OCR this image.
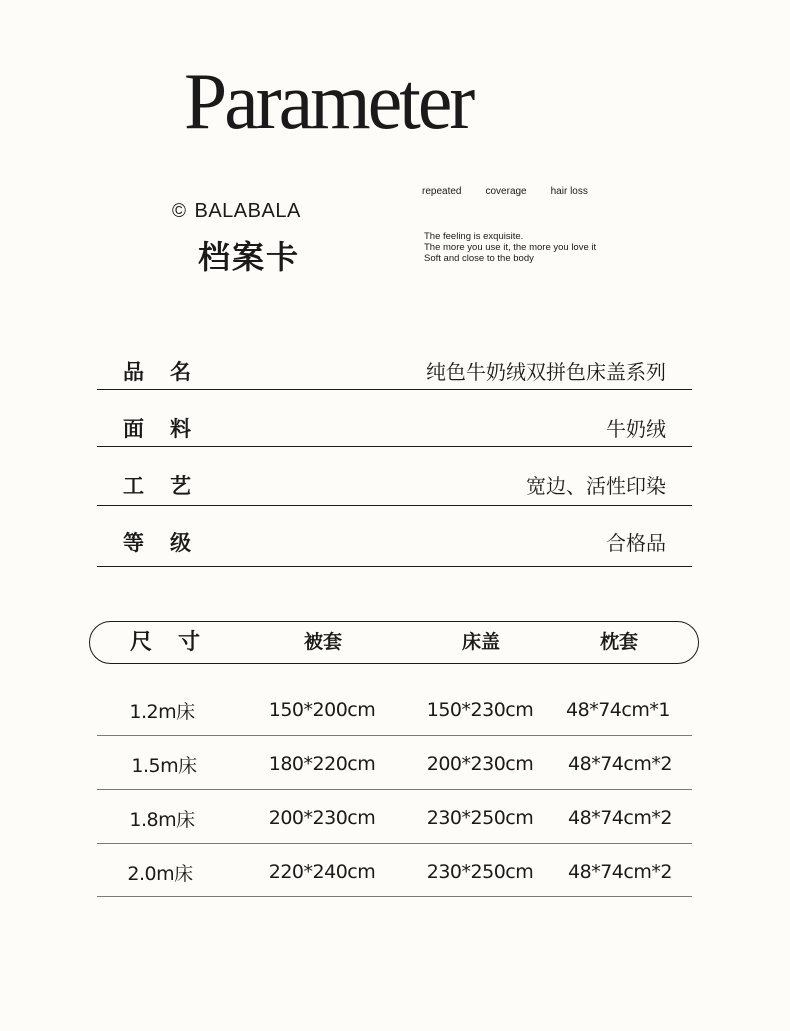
Parameter
© BALABALA
档案卡
repeated coverage hair loss
The feeling is exquisite.
The more you use it, the more you love it
Soft and close to the body
品名	纯色牛奶绒双拼色床盖系列
面料	牛奶绒
工艺	宽边、活性印染
等级	合格品
尺寸	被套	床盖	枕套
1.2m床	150*200cm	150*230cm	48*74cm*1
1.5m床	180*220cm	200*230cm	48*74cm*2
1.8m床	200*230cm	230*250cm	48*74cm*2
2.0m床	220*240cm	230*250cm	48*74cm*2
